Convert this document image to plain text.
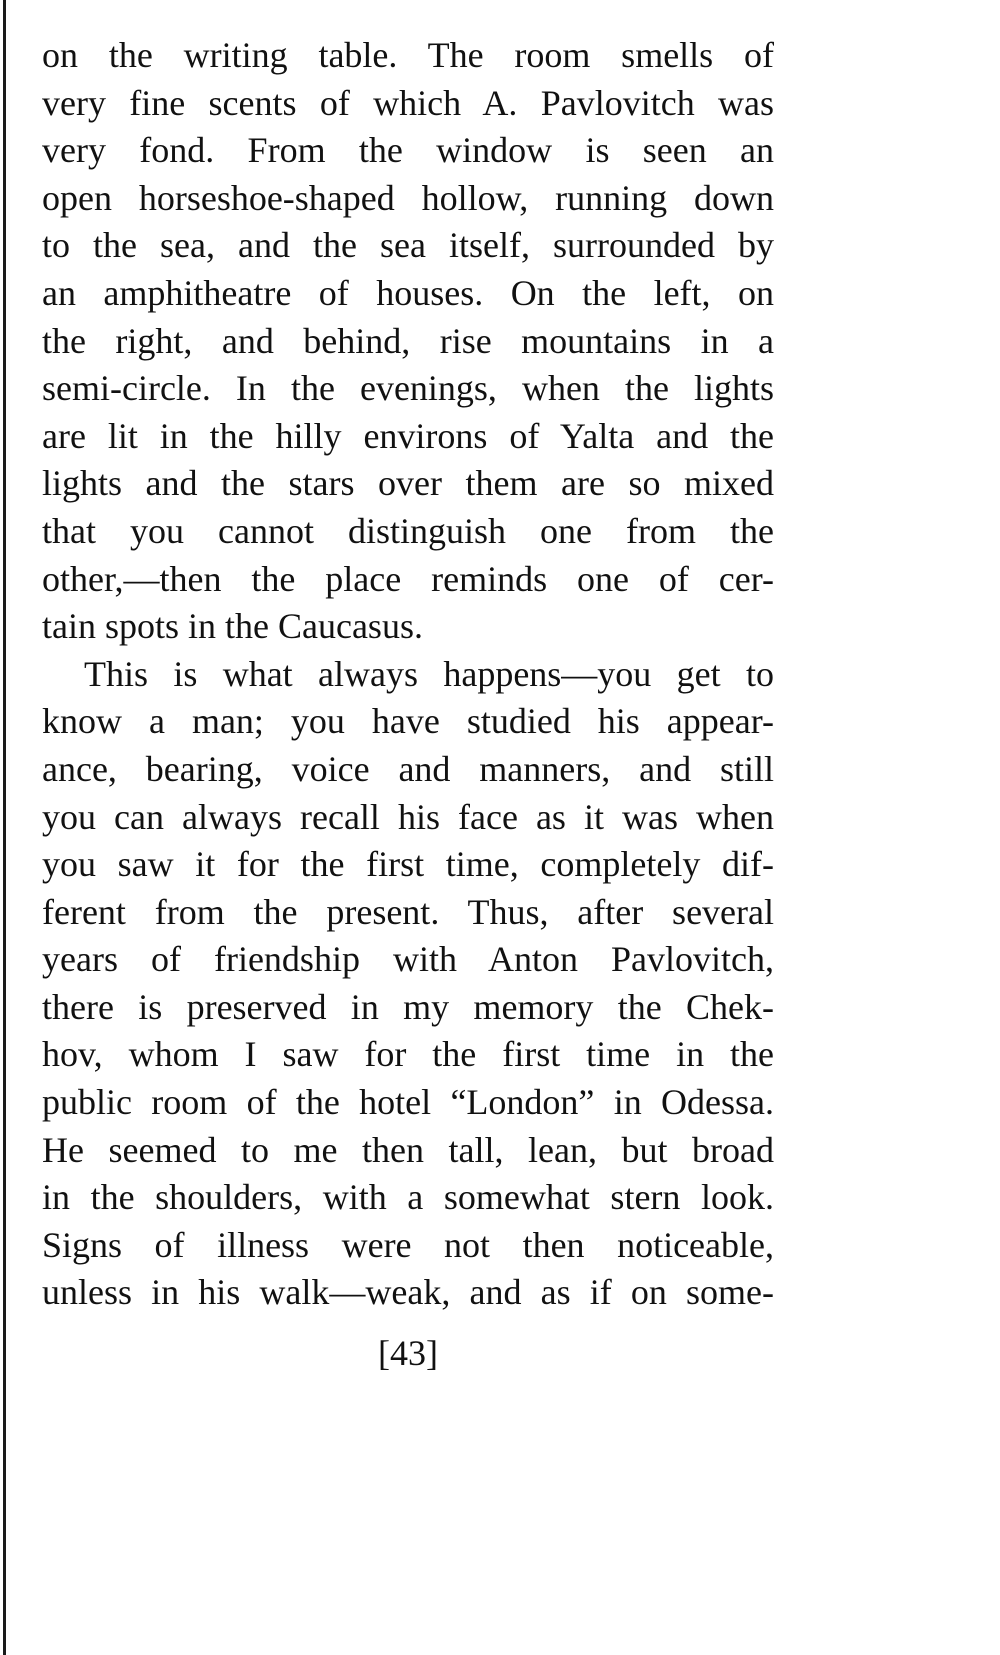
on the writing table. The room smells of
very fine scents of which A. Pavlovitch was
very fond. From the window is seen an
open horseshoe-shaped hollow, running down
to the sea, and the sea itself, surrounded by
an amphitheatre of houses. On the left, on
the right, and behind, rise mountains in a
semi-circle. In the evenings, when the lights
are lit in the hilly environs of Yalta and the
lights and the stars over them are so mixed
that you cannot distinguish one from the
other,—then the place reminds one of cer-
tain spots in the Caucasus.
This is what always happens—you get to
know a man; you have studied his appear-
ance, bearing, voice and manners, and still
you can always recall his face as it was when
you saw it for the first time, completely dif-
ferent from the present. Thus, after several
years of friendship with Anton Pavlovitch,
there is preserved in my memory the Chek-
hov, whom I saw for the first time in the
public room of the hotel “London” in Odessa.
He seemed to me then tall, lean, but broad
in the shoulders, with a somewhat stern look.
Signs of illness were not then noticeable,
unless in his walk—weak, and as if on some-
[43]
